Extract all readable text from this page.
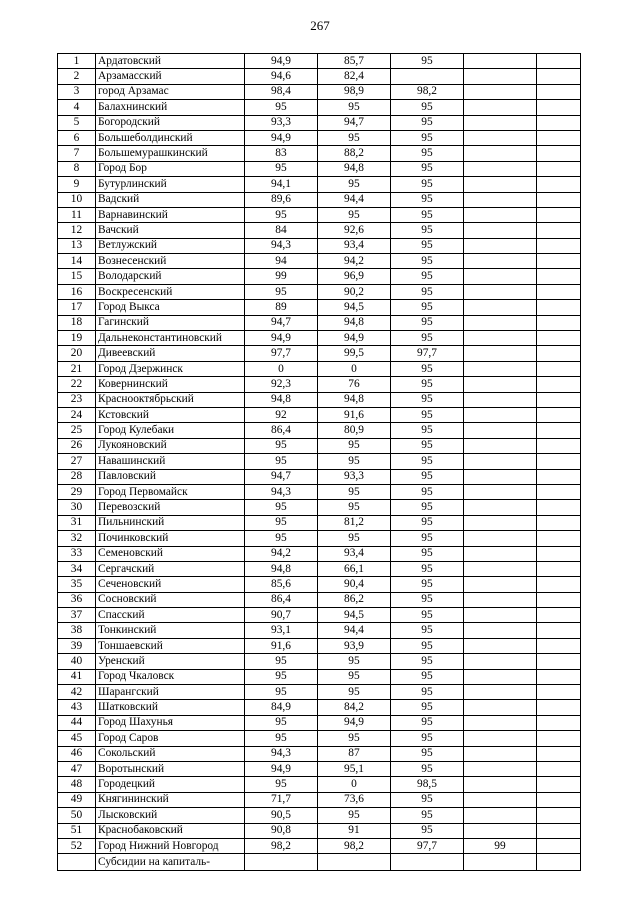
267
1	Ардатовский	94,9	85,7	95		
2	Арзамасский	94,6	82,4			
3	город Арзамас	98,4	98,9	98,2		
4	Балахнинский	95	95	95		
5	Богородский	93,3	94,7	95		
6	Большеболдинский	94,9	95	95		
7	Большемурашкинский	83	88,2	95		
8	Город Бор	95	94,8	95		
9	Бутурлинский	94,1	95	95		
10	Вадский	89,6	94,4	95		
11	Варнавинский	95	95	95		
12	Вачский	84	92,6	95		
13	Ветлужский	94,3	93,4	95		
14	Вознесенский	94	94,2	95		
15	Володарский	99	96,9	95		
16	Воскресенский	95	90,2	95		
17	Город Выкса	89	94,5	95		
18	Гагинский	94,7	94,8	95		
19	Дальнеконстантиновский	94,9	94,9	95		
20	Дивеевский	97,7	99,5	97,7		
21	Город Дзержинск	0	0	95		
22	Ковернинский	92,3	76	95		
23	Краснооктябрьский	94,8	94,8	95		
24	Кстовский	92	91,6	95		
25	Город Кулебаки	86,4	80,9	95		
26	Лукояновский	95	95	95		
27	Навашинский	95	95	95		
28	Павловский	94,7	93,3	95		
29	Город Первомайск	94,3	95	95		
30	Перевозский	95	95	95		
31	Пильнинский	95	81,2	95		
32	Починковский	95	95	95		
33	Семеновский	94,2	93,4	95		
34	Сергачский	94,8	66,1	95		
35	Сеченовский	85,6	90,4	95		
36	Сосновский	86,4	86,2	95		
37	Спасский	90,7	94,5	95		
38	Тонкинский	93,1	94,4	95		
39	Тоншаевский	91,6	93,9	95		
40	Уренский	95	95	95		
41	Город Чкаловск	95	95	95		
42	Шарангский	95	95	95		
43	Шатковский	84,9	84,2	95		
44	Город Шахунья	95	94,9	95		
45	Город Саров	95	95	95		
46	Сокольский	94,3	87	95		
47	Воротынский	94,9	95,1	95		
48	Городецкий	95	0	98,5		
49	Княгининский	71,7	73,6	95		
50	Лысковский	90,5	95	95		
51	Краснобаковский	90,8	91	95		
52	Город Нижний Новгород	98,2	98,2	97,7	99	
	Субсидии на капиталь-					
